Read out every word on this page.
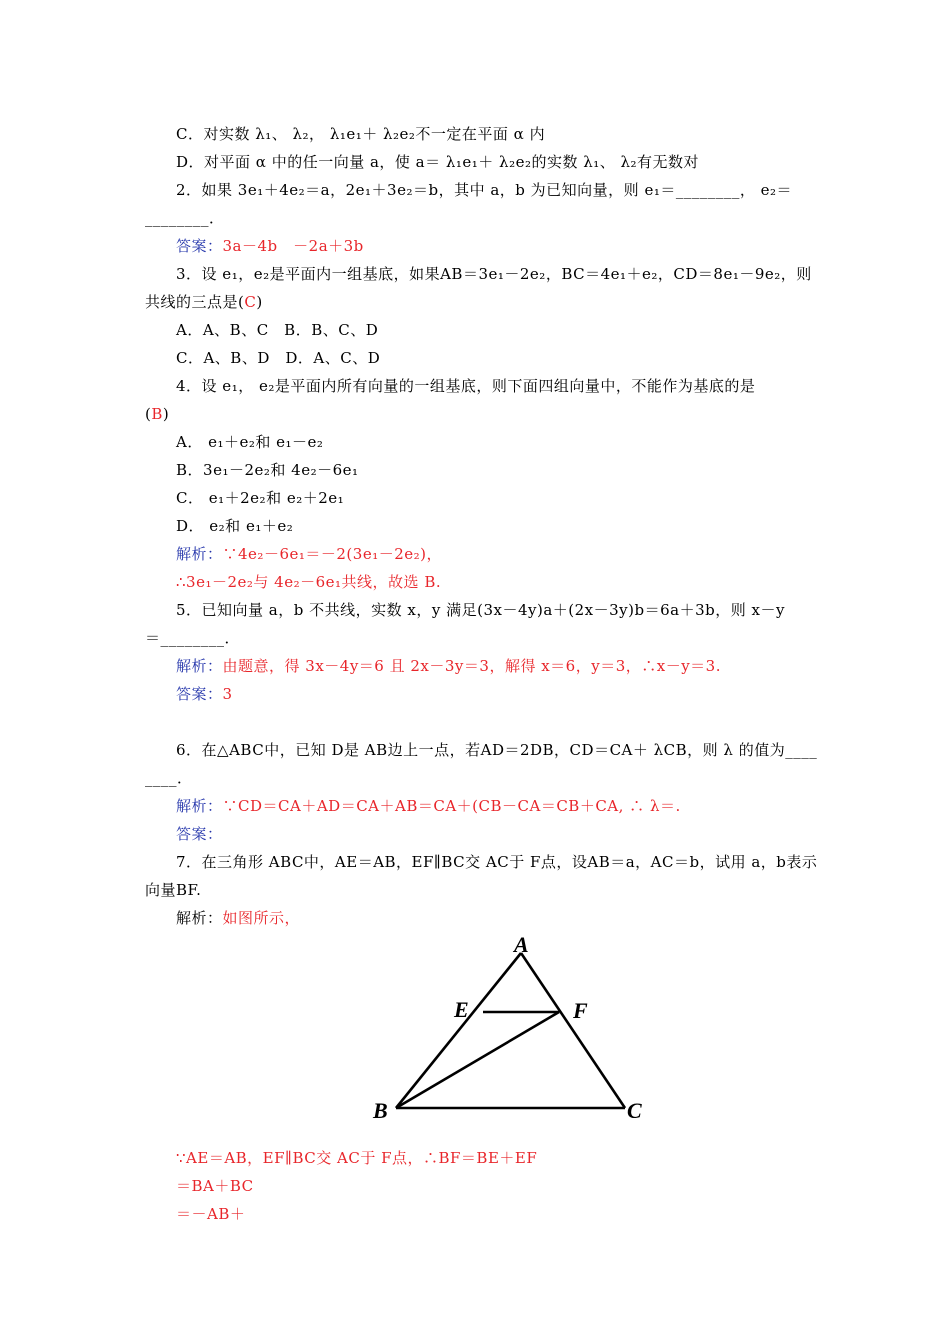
C．对实数 λ₁、 λ₂， λ₁e₁＋ λ₂e₂不一定在平面 α 内
D．对平面 α 中的任一向量 a，使 a＝ λ₁e₁＋ λ₂e₂的实数 λ₁、 λ₂有无数对
2．如果 3e₁＋4e₂＝a，2e₁＋3e₂＝b，其中 a，b 为已知向量，则 e₁＝________， e₂＝
________．
答案：3a－4b　－2a＋3b
3．设 e₁，e₂是平面内一组基底，如果AB＝3e₁－2e₂，BC＝4e₁＋e₂，CD＝8e₁－9e₂，则
共线的三点是(C)
A．A、B、C　B．B、C、D
C．A、B、D　D．A、C、D
4．设 e₁， e₂是平面内所有向量的一组基底，则下面四组向量中，不能作为基底的是
(B)
A． e₁＋e₂和 e₁－e₂
B．3e₁－2e₂和 4e₂－6e₁
C． e₁＋2e₂和 e₂＋2e₁
D． e₂和 e₁＋e₂
解析：∵4e₂－6e₁＝－2(3e₁－2e₂)，
∴3e₁－2e₂与 4e₂－6e₁共线，故选 B.
5．已知向量 a，b 不共线，实数 x，y 满足(3x－4y)a＋(2x－3y)b＝6a＋3b，则 x－y
＝________．
解析：由题意，得 3x－4y＝6 且 2x－3y＝3，解得 x＝6，y＝3，∴x－y＝3.
答案：3
6．在△ABC中，已知 D是 AB边上一点，若AD＝2DB，CD＝CA＋ λCB，则 λ 的值为____
____．
解析：∵CD＝CA＋AD＝CA＋AB＝CA＋(CB－CA＝CB＋CA, ∴ λ＝.
答案：
7．在三角形 ABC中，AE＝AB，EF∥BC交 AC于 F点，设AB＝a，AC＝b，试用 a，b表示
向量BF.
解析：如图所示，
∵AE＝AB，EF∥BC交 AC于 F点，∴BF＝BE＋EF
＝BA＋BC
＝－AB＋
A
E	F
B	C
